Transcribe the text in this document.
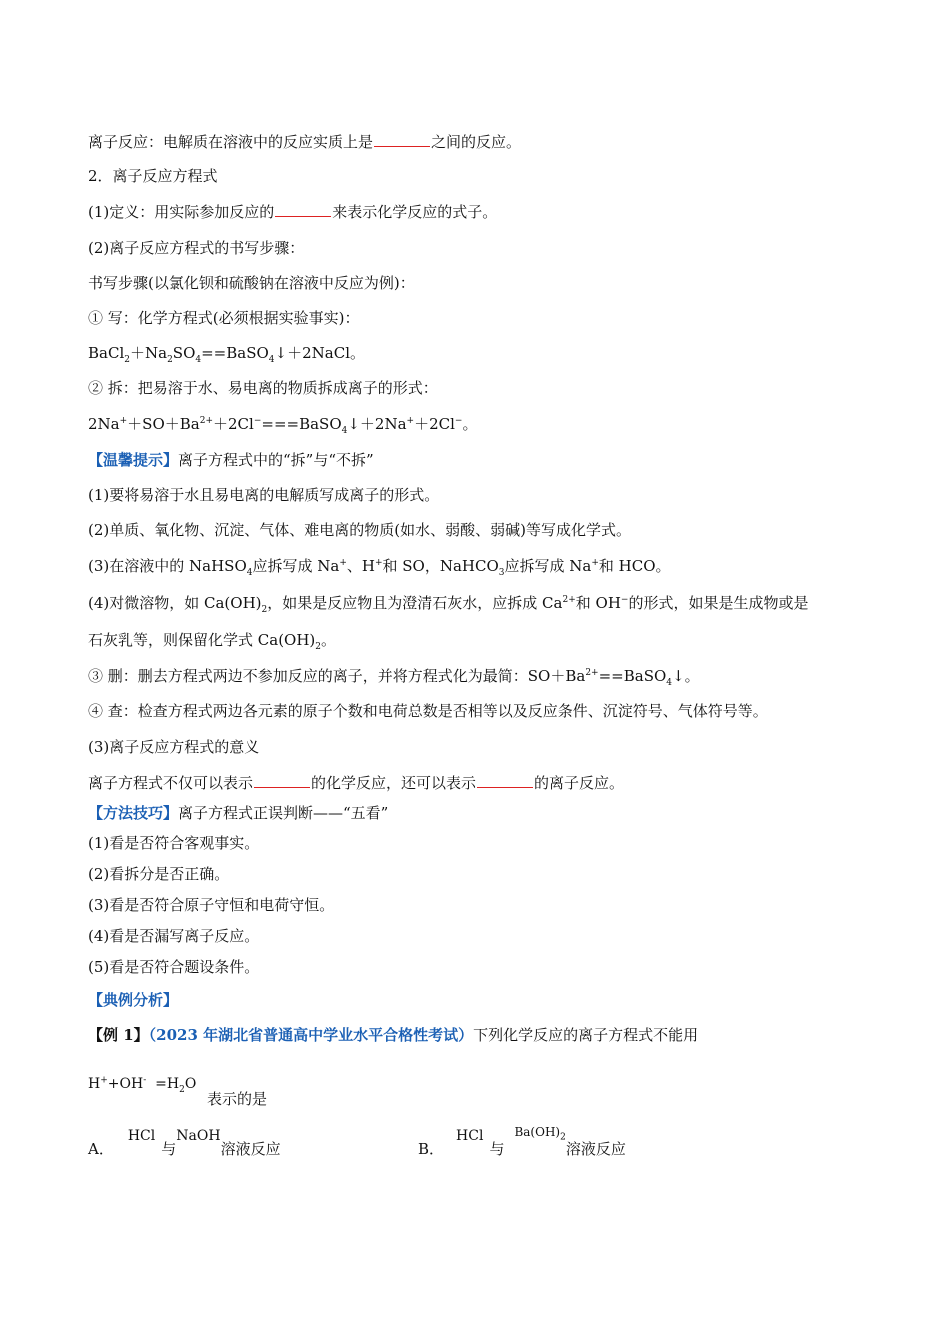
离子反应：电解质在溶液中的反应实质上是	之间的反应。
2．离子反应方程式
(1)定义：用实际参加反应的	来表示化学反应的式子。
(2)离子反应方程式的书写步骤：
书写步骤(以氯化钡和硫酸钠在溶液中反应为例)：
① 写：化学方程式(必须根据实验事实)：
$BaCl_2+Na_2SO_4==BaSO_4↓+2NaCl$。
② 拆：把易溶于水、易电离的物质拆成离子的形式：
$2Na^++SO+Ba^{2+}+2Cl^-===BaSO_4↓+2Na^++2Cl^-$。
【温馨提示】离子方程式中的“拆”与“不拆”
(1)要将易溶于水且易电离的电解质写成离子的形式。
(2)单质、氧化物、沉淀、气体、难电离的物质(如水、弱酸、弱碱)等写成化学式。
(3)在溶液中的 NaHSO$_4$应拆写成 Na+、H+和 SO，NaHCO$_3$应拆写成 Na+和 HCO。
(4)对微溶物，如 $Ca(OH)_2$，如果是反应物且为澄清石灰水，应拆成 $Ca^{2+}$和 OH−的形式，如果是生成物或是
石灰乳等，则保留化学式 $Ca(OH)_2$。
③ 删：删去方程式两边不参加反应的离子，并将方程式化为最简：$SO+Ba^{2+}==BaSO_4↓$。
④ 查：检查方程式两边各元素的原子个数和电荷总数是否相等以及反应条件、沉淀符号、气体符号等。
(3)离子反应方程式的意义
离子方程式不仅可以表示	的化学反应，还可以表示	的离子反应。
【方法技巧】离子方程式正误判断——“五看”
(1)看是否符合客观事实。
(2)看拆分是否正确。
(3)看是否符合原子守恒和电荷守恒。
(4)看是否漏写离子反应。
(5)看是否符合题设条件。
【典例分析】
【例 1】（2023 年湖北省普通高中学业水平合格性考试）下列化学反应的离子方程式不能用
$H^++OH^- =H_2O$
表示的是
A．HCl与NaOH溶液反应	B．HCl与$^{Ba(OH)_2}$溶液反应
